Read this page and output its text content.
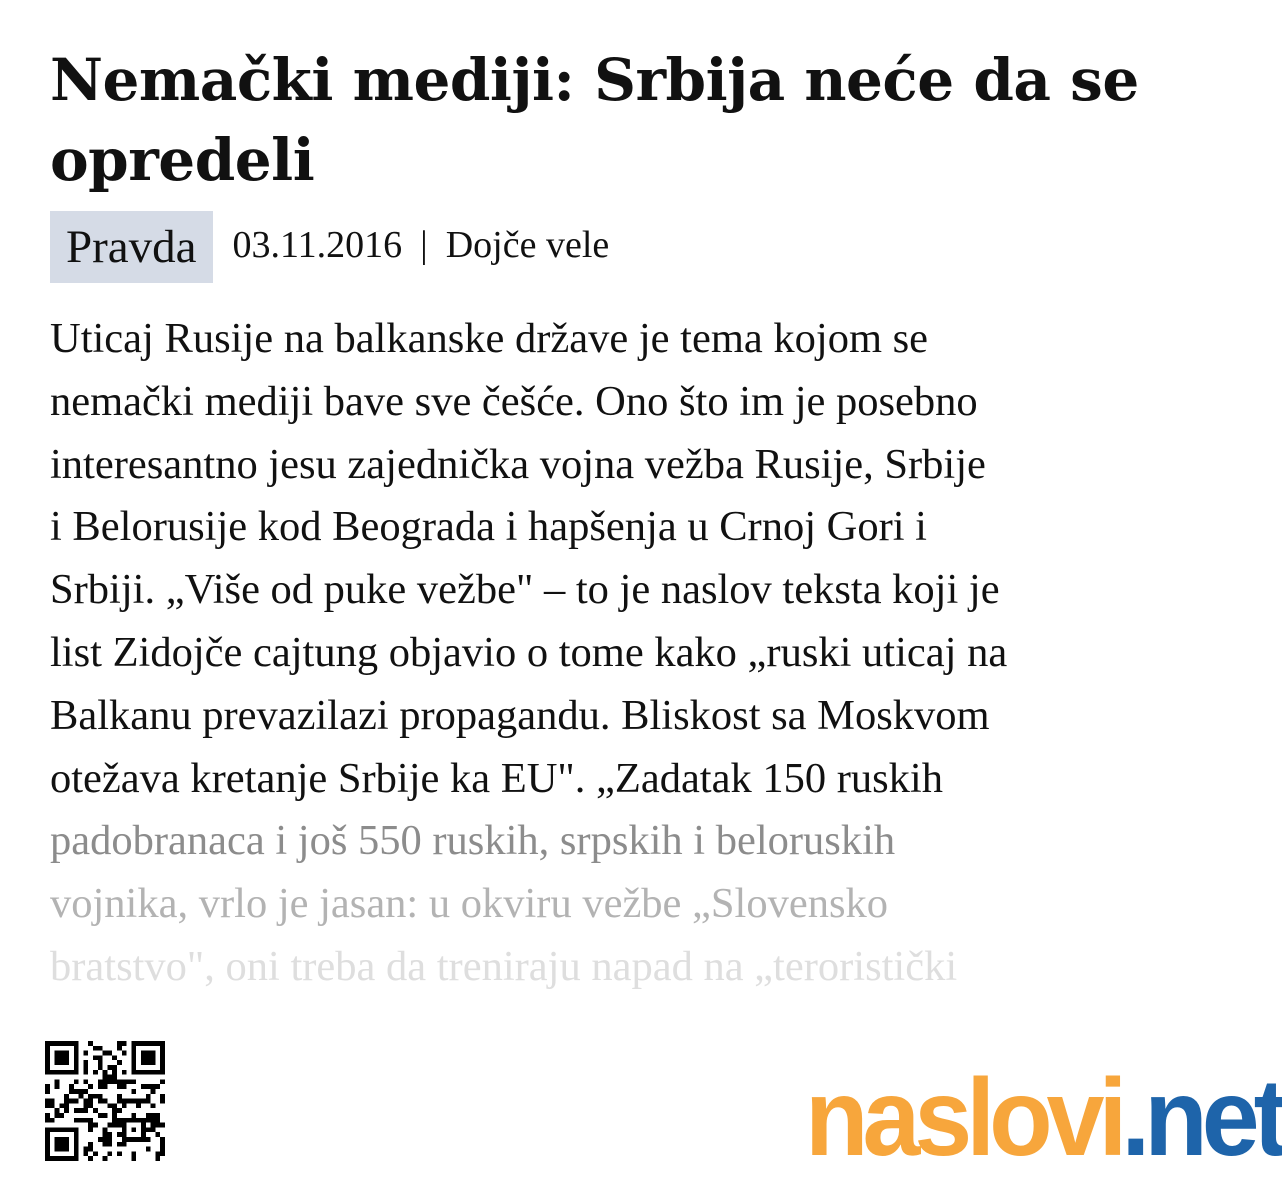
Nemački mediji: Srbija neće da se opredeli
Pravda 03.11.2016 | Dojče vele
Uticaj Rusije na balkanske države je tema kojom se
nemački mediji bave sve češće. Ono što im je posebno
interesantno jesu zajednička vojna vežba Rusije, Srbije
i Belorusije kod Beograda i hapšenja u Crnoj Gori i
Srbiji. „Više od puke vežbe" – to je naslov teksta koji je
list Zidojče cajtung objavio o tome kako „ruski uticaj na
Balkanu prevazilazi propagandu. Bliskost sa Moskvom
otežava kretanje Srbije ka EU". „Zadatak 150 ruskih
padobranaca i još 550 ruskih, srpskih i beloruskih
vojnika, vrlo je jasan: u okviru vežbe „Slovensko
bratstvo", oni treba da treniraju napad na „teroristički
naslovi .net
